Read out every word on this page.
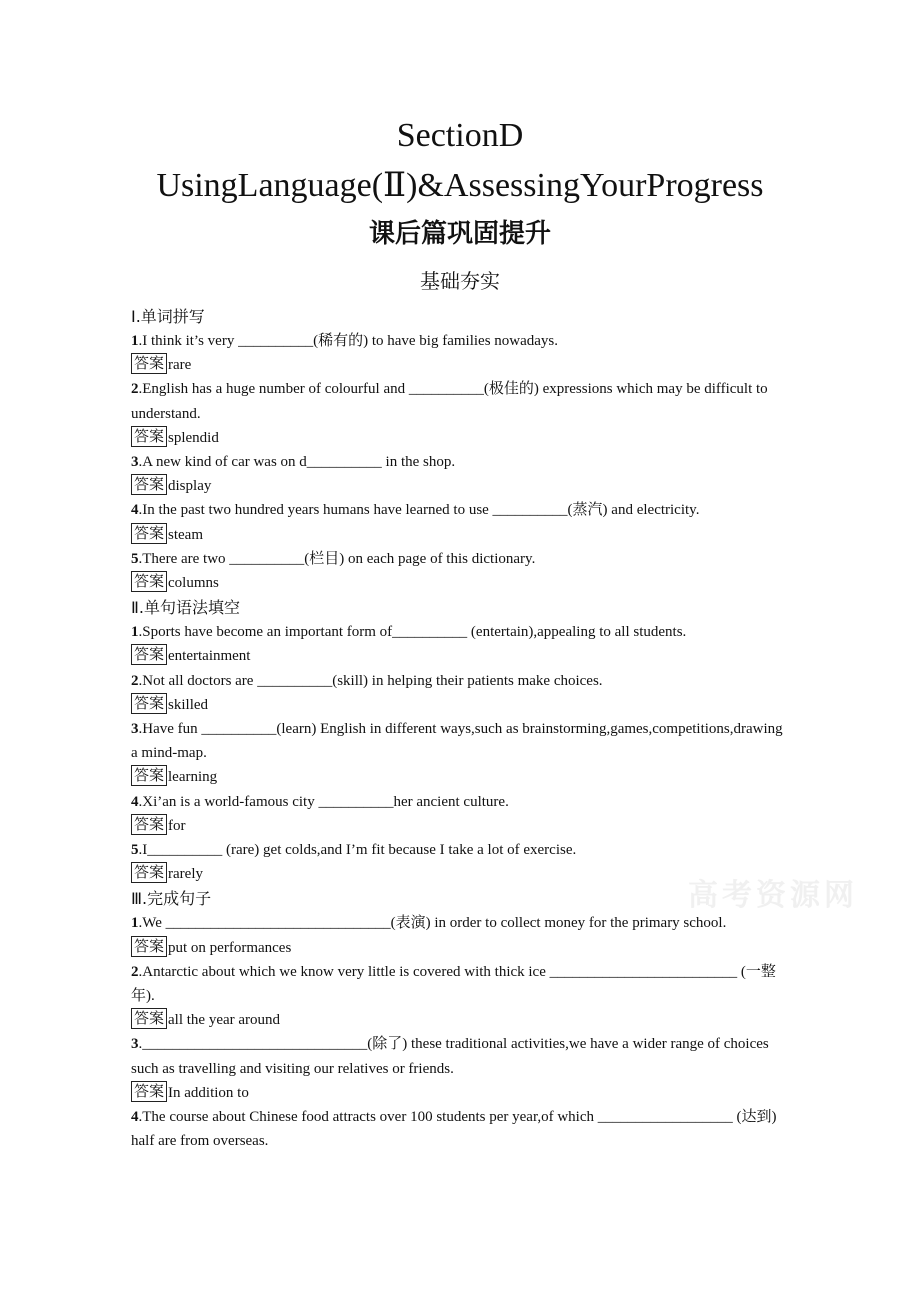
SectionD
UsingLanguage(Ⅱ)&AssessingYourProgress
课后篇巩固提升
基础夯实
Ⅰ.单词拼写
1.I think it’s very __________(稀有的) to have big families nowadays.
答案 rare
2.English has a huge number of colourful and __________(极佳的) expressions which may be difficult to understand.
答案 splendid
3.A new kind of car was on d__________ in the shop.
答案 display
4.In the past two hundred years humans have learned to use __________(蒸汽) and electricity.
答案 steam
5.There are two __________(栏目) on each page of this dictionary.
答案 columns
Ⅱ.单句语法填空
1.Sports have become an important form of__________ (entertain),appealing to all students.
答案 entertainment
2.Not all doctors are __________(skill) in helping their patients make choices.
答案 skilled
3.Have fun __________(learn) English in different ways,such as brainstorming,games,competitions,drawing a mind-map.
答案 learning
4.Xi’an is a world-famous city __________her ancient culture.
答案 for
5.I__________ (rare) get colds,and I’m fit because I take a lot of exercise.
答案 rarely
Ⅲ.完成句子
1.We ______________________________(表演) in order to collect money for the primary school.
答案 put on performances
2.Antarctic about which we know very little is covered with thick ice _________________________ (一整年).
答案 all the year around
3.______________________________(除了) these traditional activities,we have a wider range of choices such as travelling and visiting our relatives or friends.
答案 In addition to
4.The course about Chinese food attracts over 100 students per year,of which __________________ (达到) half are from overseas.
高考资源网
